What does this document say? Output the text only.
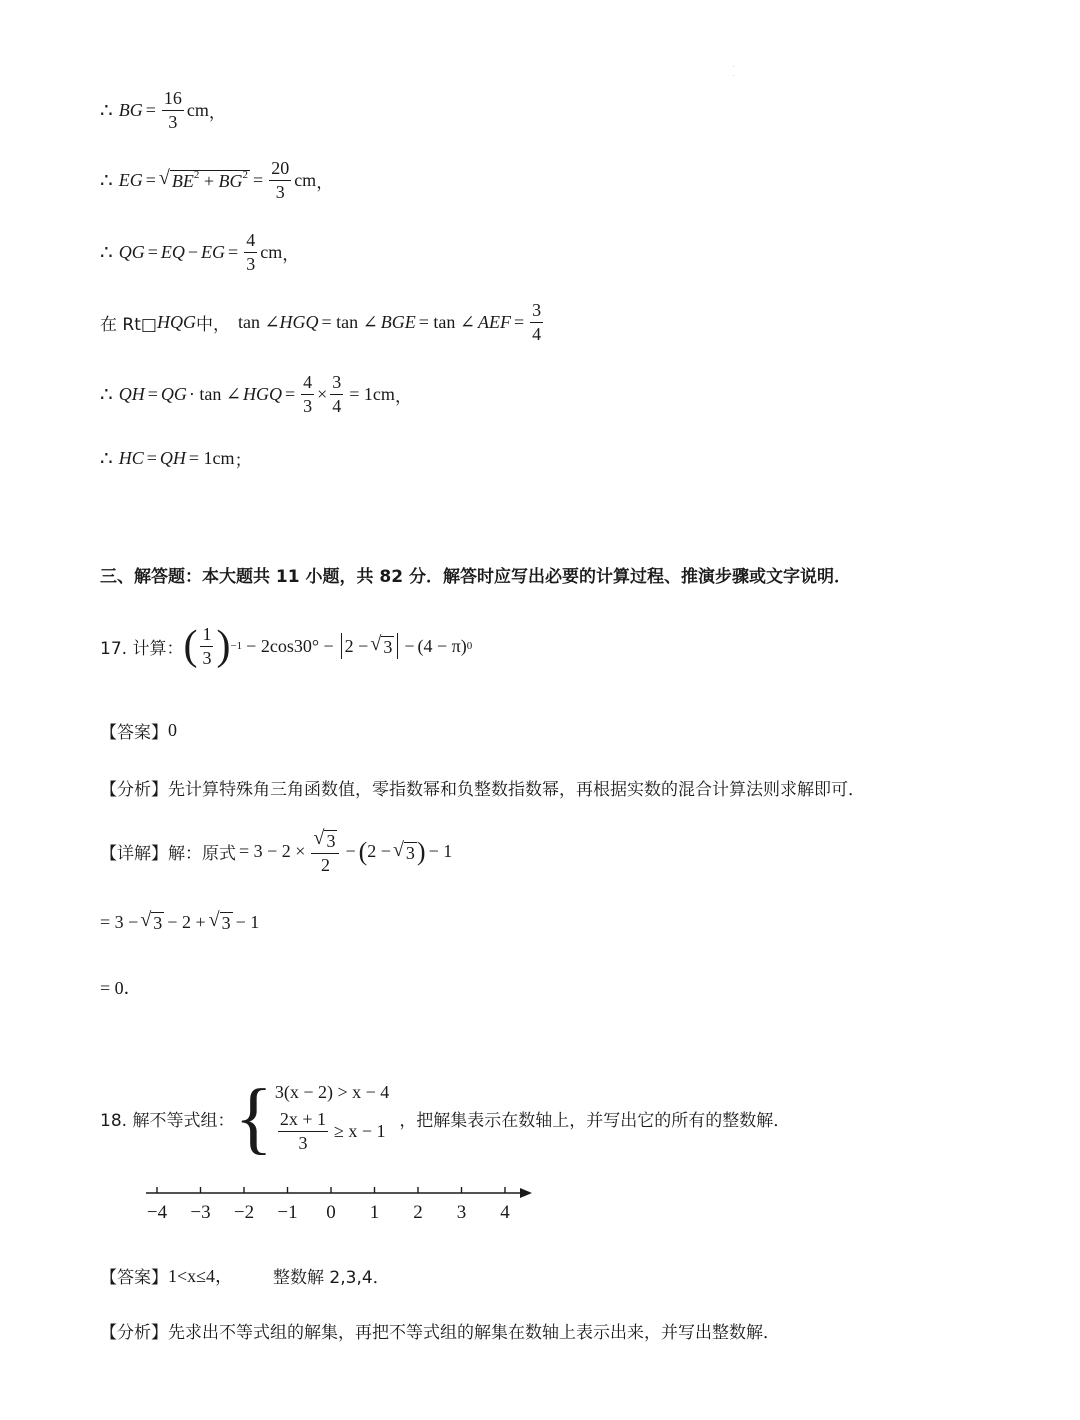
.
.
∴ BG = $\frac{16}{3}$ cm ，
∴ EG = √ $BE^2 + BG^2 = \frac{20}{3}$ cm ，
∴ QG = EQ − EG = $\frac{4}{3}$ cm ，
在 Rt□ HQG 中， tan ∠ HGQ = tan ∠ BGE = tan ∠ AEF = $\frac{3}{4}$
∴ QH = QG · tan ∠ HGQ = $\frac{4}{3} \times \frac{3}{4} = 1cm$ ，
∴ HC = QH = 1cm ；
三、解答题：本大题共 11 小题，共 82 分．解答时应写出必要的计算过程、推演步骤或文字说明．
17. 计算： ( $\frac{1}{3}$ ) −1 − 2cos30° − 2 − √ 3 − (4 − π) 0
【答案】 0
【分析】 先计算特殊角三角函数值，零指数幂和负整数指数幂，再根据实数的混合计算法则求解即可．
【详解】 解：原式 = $3 - 2 \times \frac{√ 3}{2}$ − ( 2 − √ 3 ) − 1
= 3 − √ 3 − 2 + √ 3 − 1
= 0．
18. 解不等式组： { 3(x − 2) > x − 4
$\frac{2x + 1}{3} \ge x - 1$
，把解集表示在数轴上，并写出它的所有的整数解．
−4 −3 −2 −1 0 1 2 3 4
【答案】 1<x≤4， 整数解 2,3,4．
【分析】 先求出不等式组的解集，再把不等式组的解集在数轴上表示出来，并写出整数解．
